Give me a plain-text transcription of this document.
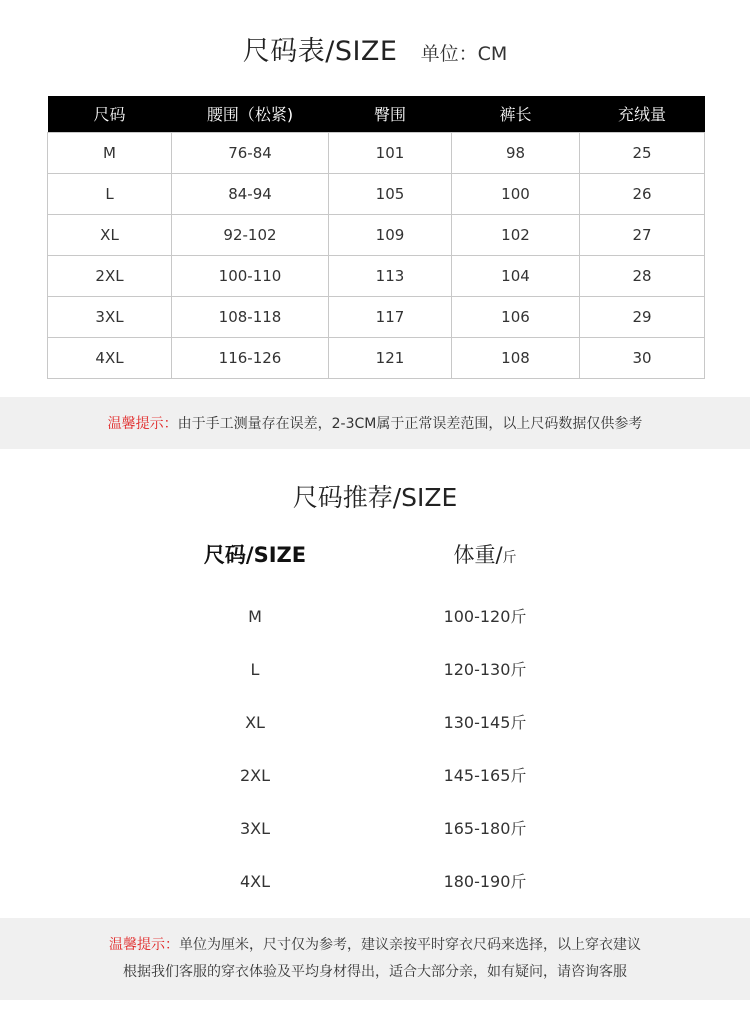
尺码表/SIZE 单位：CM
尺码	腰围（松紧)	臀围	裤长	充绒量
M	76-84	101	98	25
L	84-94	105	100	26
XL	92-102	109	102	27
2XL	100-110	113	104	28
3XL	108-118	117	106	29
4XL	116-126	121	108	30
温馨提示： 由于手工测量存在误差，2-3CM属于正常误差范围，以上尺码数据仅供参考
尺码推荐/SIZE
尺码/SIZE	体重/斤
M	100-120斤
L	120-130斤
XL	130-145斤
2XL	145-165斤
3XL	165-180斤
4XL	180-190斤
温馨提示：单位为厘米，尺寸仅为参考，建议亲按平时穿衣尺码来选择，以上穿衣建议
根据我们客服的穿衣体验及平均身材得出，适合大部分亲，如有疑问，请咨询客服
